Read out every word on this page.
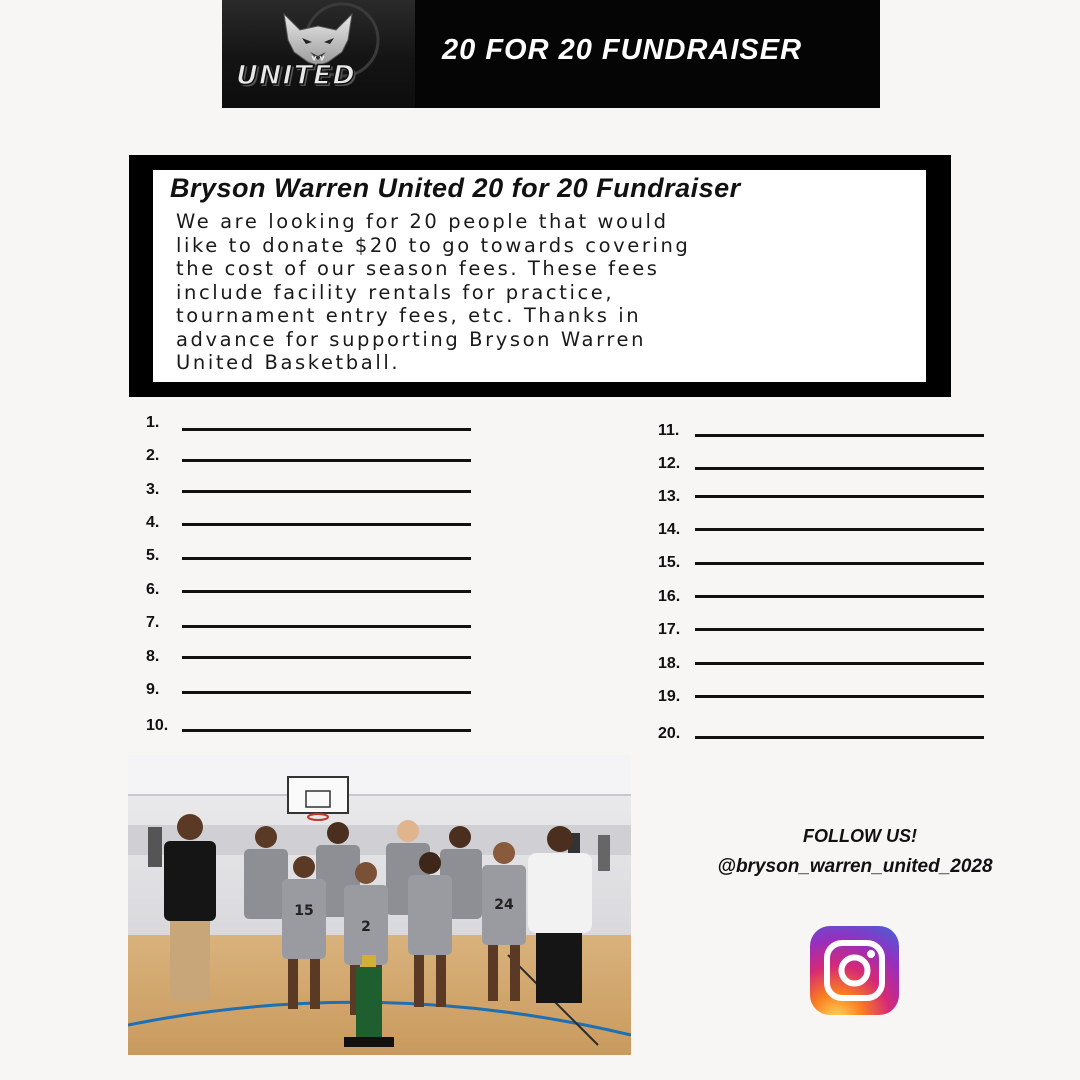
UNITED
20 FOR 20 FUNDRAISER
Bryson Warren United 20 for 20 Fundraiser
We are looking for 20 people that would
like to donate $20 to go towards covering
the cost of our season fees. These fees
include facility rentals for practice,
tournament entry fees, etc. Thanks in
advance for supporting Bryson Warren
United Basketball.
1.
2.
3.
4.
5.
6.
7.
8.
9.
10.
11.
12.
13.
14.
15.
16.
17.
18.
19.
20.
15
2
24
FOLLOW US!
@bryson_warren_united_2028
